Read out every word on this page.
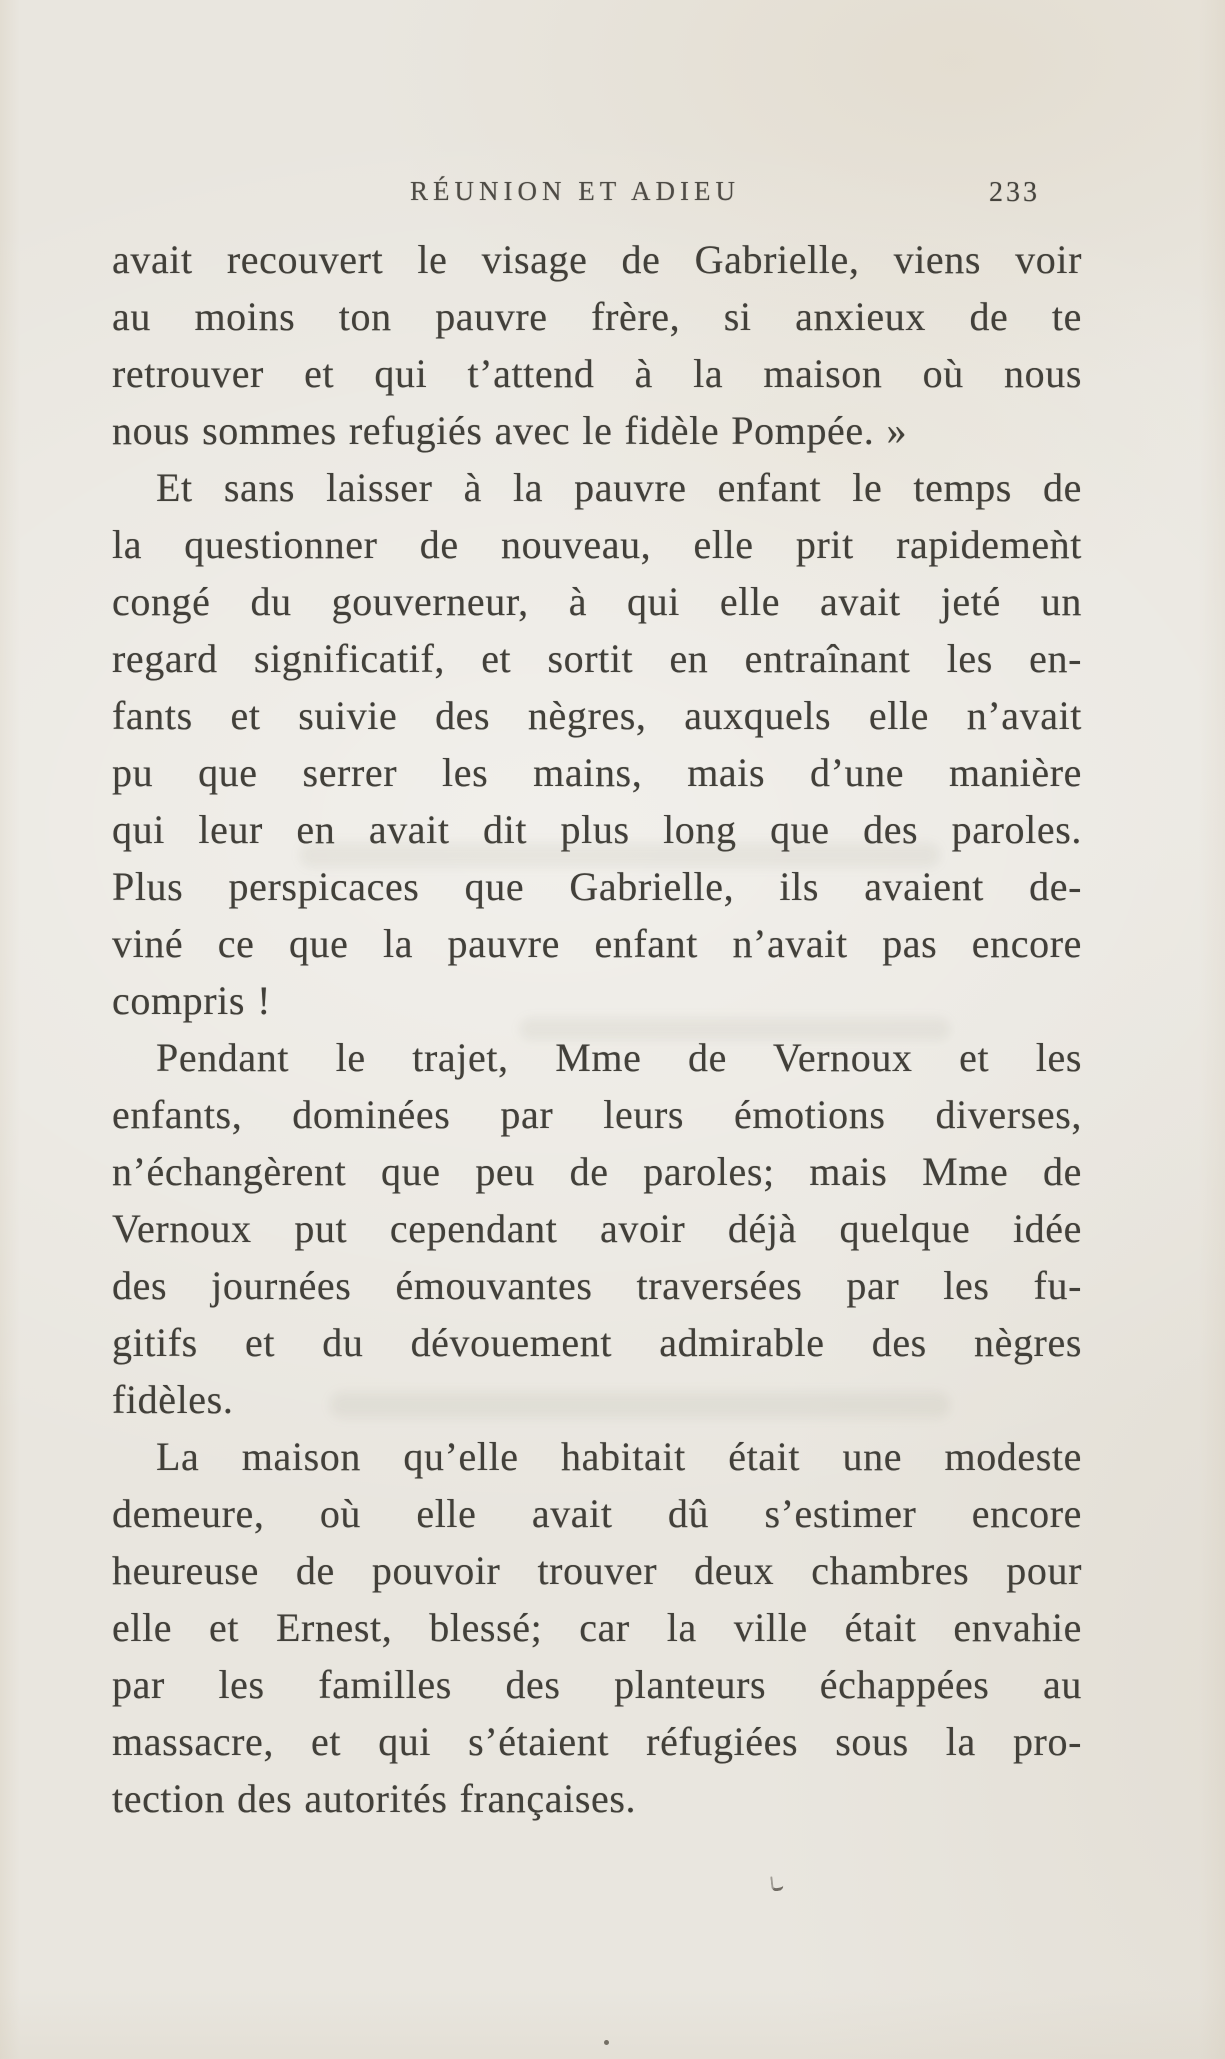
RÉUNION ET ADIEU	233
avait recouvert le visage de Gabrielle, viens voir
au moins ton pauvre frère, si anxieux de te
retrouver et qui t’attend à la maison où nous
nous sommes refugiés avec le fidèle Pompée. »
Et sans laisser à la pauvre enfant le temps de
la questionner de nouveau, elle prit rapidemeǹt
congé du gouverneur, à qui elle avait jeté un
regard significatif, et sortit en entraînant les en-
fants et suivie des nègres, auxquels elle n’avait
pu que serrer les mains, mais d’une manière
qui leur en avait dit plus long que des paroles.
Plus perspicaces que Gabrielle, ils avaient de-
viné ce que la pauvre enfant n’avait pas encore
compris !
Pendant le trajet, Mme de Vernoux et les
enfants, dominées par leurs émotions diverses,
n’échangèrent que peu de paroles; mais Mme de
Vernoux put cependant avoir déjà quelque idée
des journées émouvantes traversées par les fu-
gitifs et du dévouement admirable des nègres
fidèles.
La maison qu’elle habitait était une modeste
demeure, où elle avait dû s’estimer encore
heureuse de pouvoir trouver deux chambres pour
elle et Ernest, blessé; car la ville était envahie
par les familles des planteurs échappées au
massacre, et qui s’étaient réfugiées sous la pro-
tection des autorités françaises.
